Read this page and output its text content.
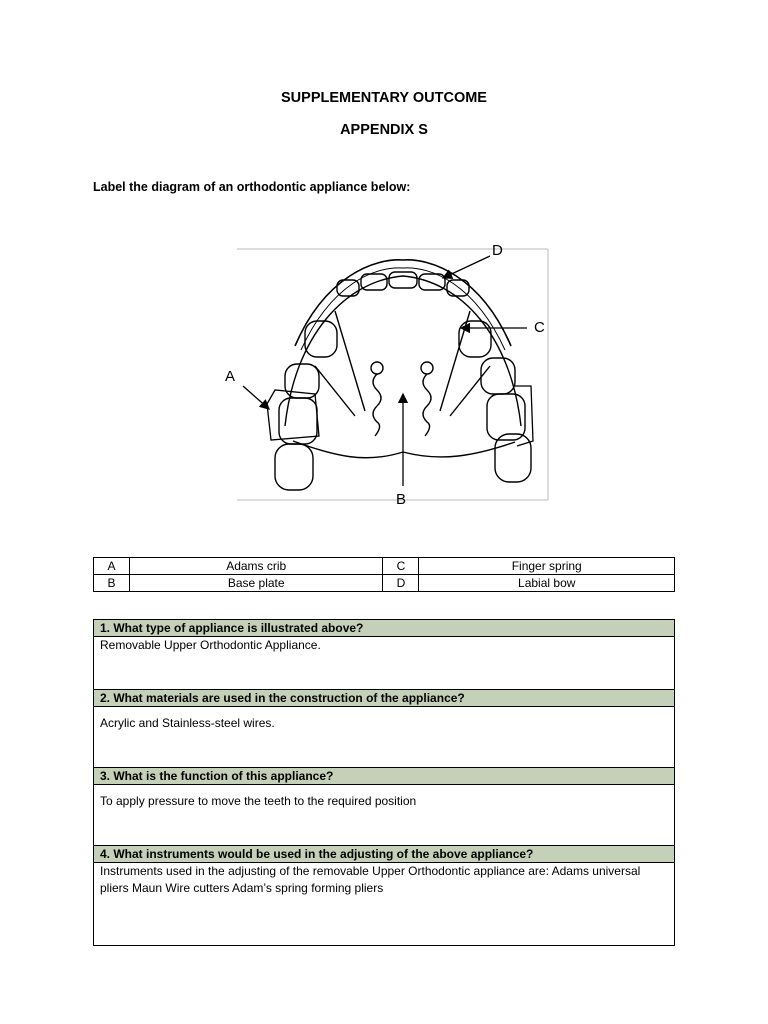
SUPPLEMENTARY OUTCOME
APPENDIX S
Label the diagram of an orthodontic appliance below:
A
B
C
D
A	Adams crib	C	Finger spring
B	Base plate	D	Labial bow
1. What type of appliance is illustrated above?
Removable Upper Orthodontic Appliance.
2. What materials are used in the construction of the appliance?
Acrylic and Stainless-steel wires.
3. What is the function of this appliance?
To apply pressure to move the teeth to the required position
4. What instruments would be used in the adjusting of the above appliance?
Instruments used in the adjusting of the removable Upper Orthodontic appliance are: Adams universal pliers Maun Wire cutters Adam’s spring forming pliers
